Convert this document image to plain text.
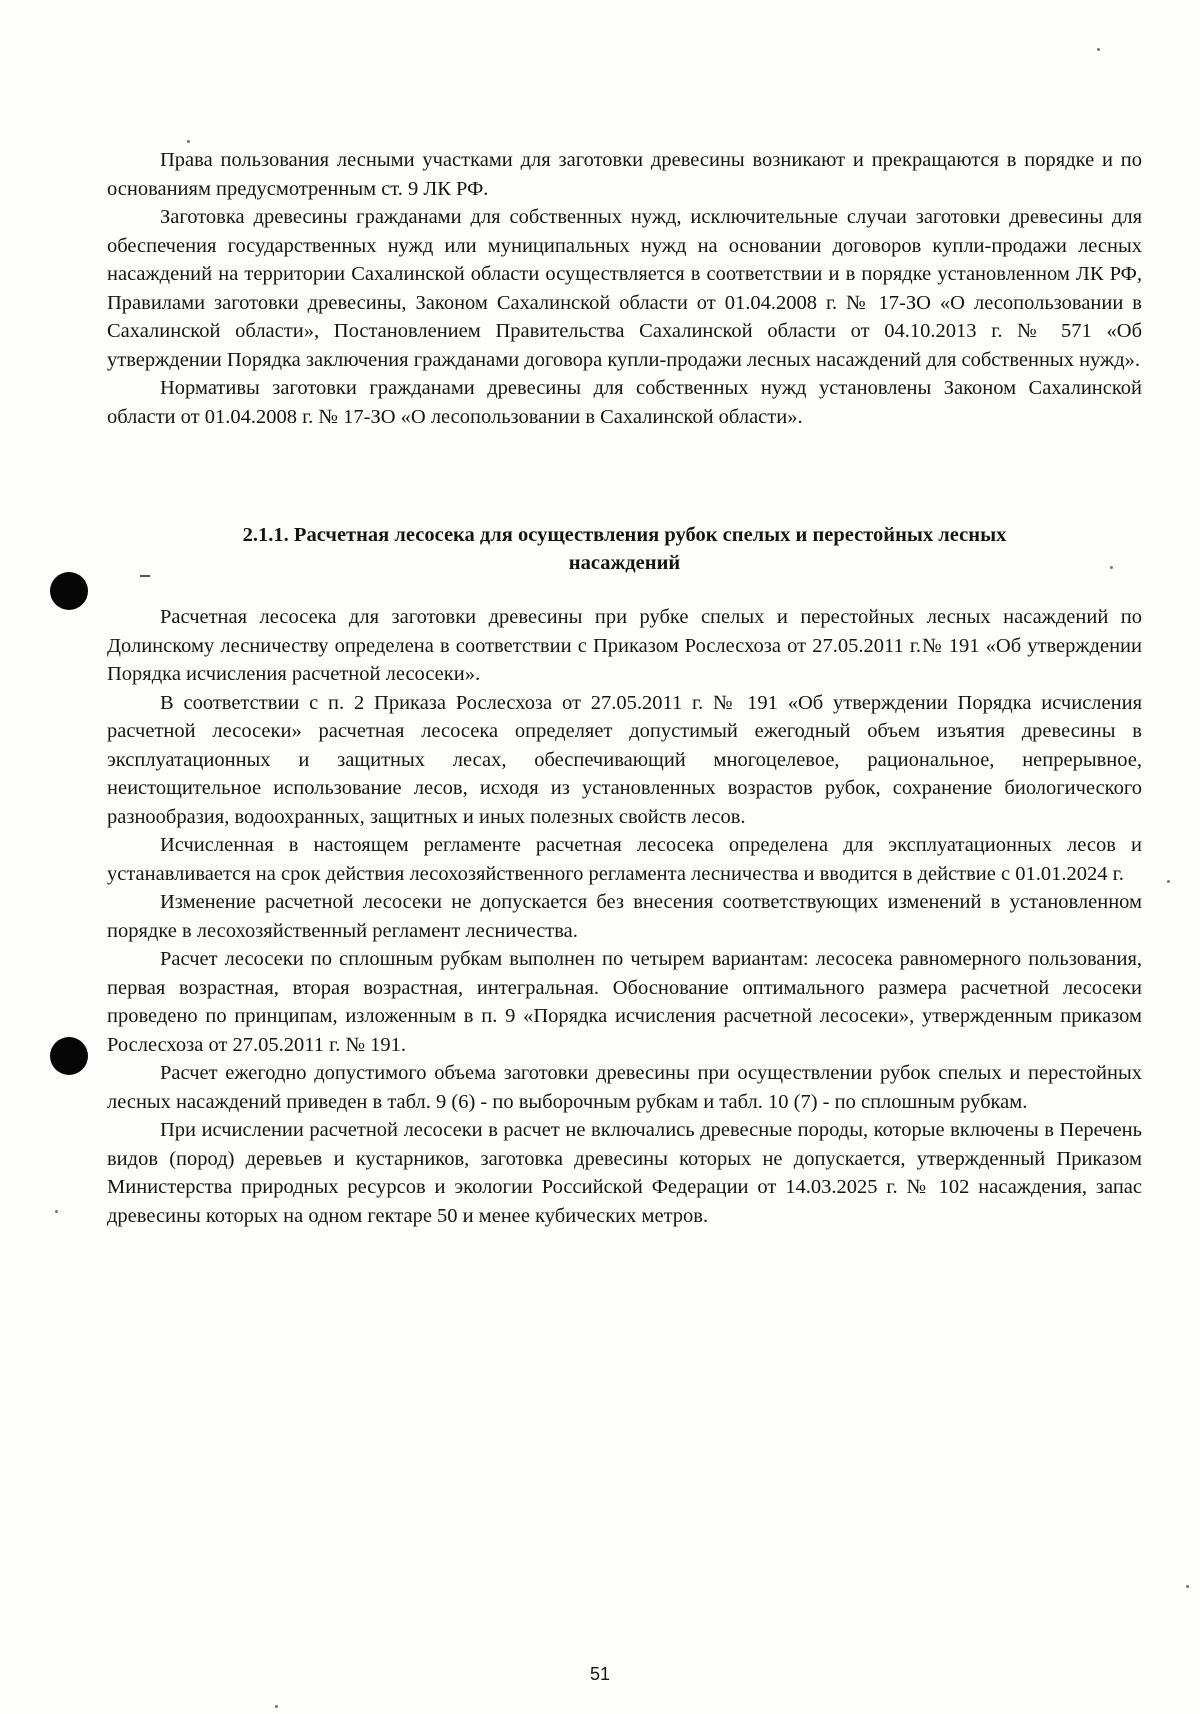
Права пользования лесными участками для заготовки древесины возникают и прекращаются в порядке и по основаниям предусмотренным ст. 9 ЛК РФ.

Заготовка древесины гражданами для собственных нужд, исключительные случаи заготовки древесины для обеспечения государственных нужд или муниципальных нужд на основании договоров купли-продажи лесных насаждений на территории Сахалинской области осуществляется в соответствии и в порядке установленном ЛК РФ, Правилами заготовки древесины, Законом Сахалинской области от 01.04.2008 г. № 17-ЗО «О лесопользовании в Сахалинской области», Постановлением Правительства Сахалинской области от 04.10.2013 г. № 571 «Об утверждении Порядка заключения гражданами договора купли-продажи лесных насаждений для собственных нужд».

Нормативы заготовки гражданами древесины для собственных нужд установлены Законом Сахалинской области от 01.04.2008 г. № 17-ЗО «О лесопользовании в Сахалинской области».

2.1.1. Расчетная лесосека для осуществления рубок спелых и перестойных лесных
насаждений

Расчетная лесосека для заготовки древесины при рубке спелых и перестойных лесных насаждений по Долинскому лесничеству определена в соответствии с Приказом Рослесхоза от 27.05.2011 г.№ 191 «Об утверждении Порядка исчисления расчетной лесосеки».

В соответствии с п. 2 Приказа Рослесхоза от 27.05.2011 г. № 191 «Об утверждении Порядка исчисления расчетной лесосеки» расчетная лесосека определяет допустимый ежегодный объем изъятия древесины в эксплуатационных и защитных лесах, обеспечивающий многоцелевое, рациональное, непрерывное, неистощительное использование лесов, исходя из установленных возрастов рубок, сохранение биологического разнообразия, водоохранных, защитных и иных полезных свойств лесов.

Исчисленная в настоящем регламенте расчетная лесосека определена для эксплуатационных лесов и устанавливается на срок действия лесохозяйственного регламента лесничества и вводится в действие с 01.01.2024 г.

Изменение расчетной лесосеки не допускается без внесения соответствующих изменений в установленном порядке в лесохозяйственный регламент лесничества.

Расчет лесосеки по сплошным рубкам выполнен по четырем вариантам: лесосека равномерного пользования, первая возрастная, вторая возрастная, интегральная. Обоснование оптимального размера расчетной лесосеки проведено по принципам, изложенным в п. 9 «Порядка исчисления расчетной лесосеки», утвержденным приказом Рослесхоза от 27.05.2011 г. № 191.

Расчет ежегодно допустимого объема заготовки древесины при осуществлении рубок спелых и перестойных лесных насаждений приведен в табл. 9 (6) - по выборочным рубкам и табл. 10 (7) - по сплошным рубкам.

При исчислении расчетной лесосеки в расчет не включались древесные породы, которые включены в Перечень видов (пород) деревьев и кустарников, заготовка древесины которых не допускается, утвержденный Приказом Министерства природных ресурсов и экологии Российской Федерации от 14.03.2025 г. № 102 насаждения, запас древесины которых на одном гектаре 50 и менее кубических метров.

51
